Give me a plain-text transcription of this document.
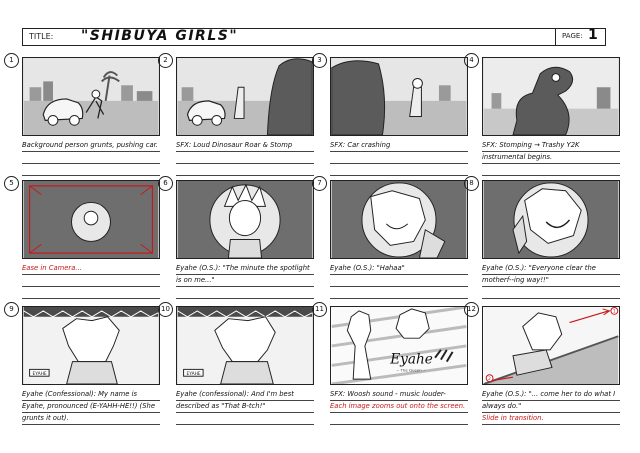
TITLE: "SHIBUYA GIRLS"	PAGE: 1
1
Background person grunts, pushing car.
2
SFX: Loud Dinosaur Roar & Stomp
3
SFX: Car crashing
4
SFX: Stomping → Trashy Y2K instrumental begins.
5
Ease in Camera...
6
Eyahe (O.S.): "The minute the spotlight is on me..."
7
Eyahe (O.S.): "Hahaa"
8
Eyahe (O.S.): "Everyone clear the motherf--ing way!!"
9
EYAHE
Eyahe (Confessional): My name is Eyahe, pronounced (E-YAHH-HE!!) (She grunts it out).
10
EYAHE
Eyahe (confessional): And I'm best described as "That B-tch!"
11
Eyahe
~ The Queen ~
SFX: Woosh sound - music louder-
Each image zooms out onto the screen.
12	1
2
Eyahe (O.S.): "... come her to do what I always do."
Slide in transition.
